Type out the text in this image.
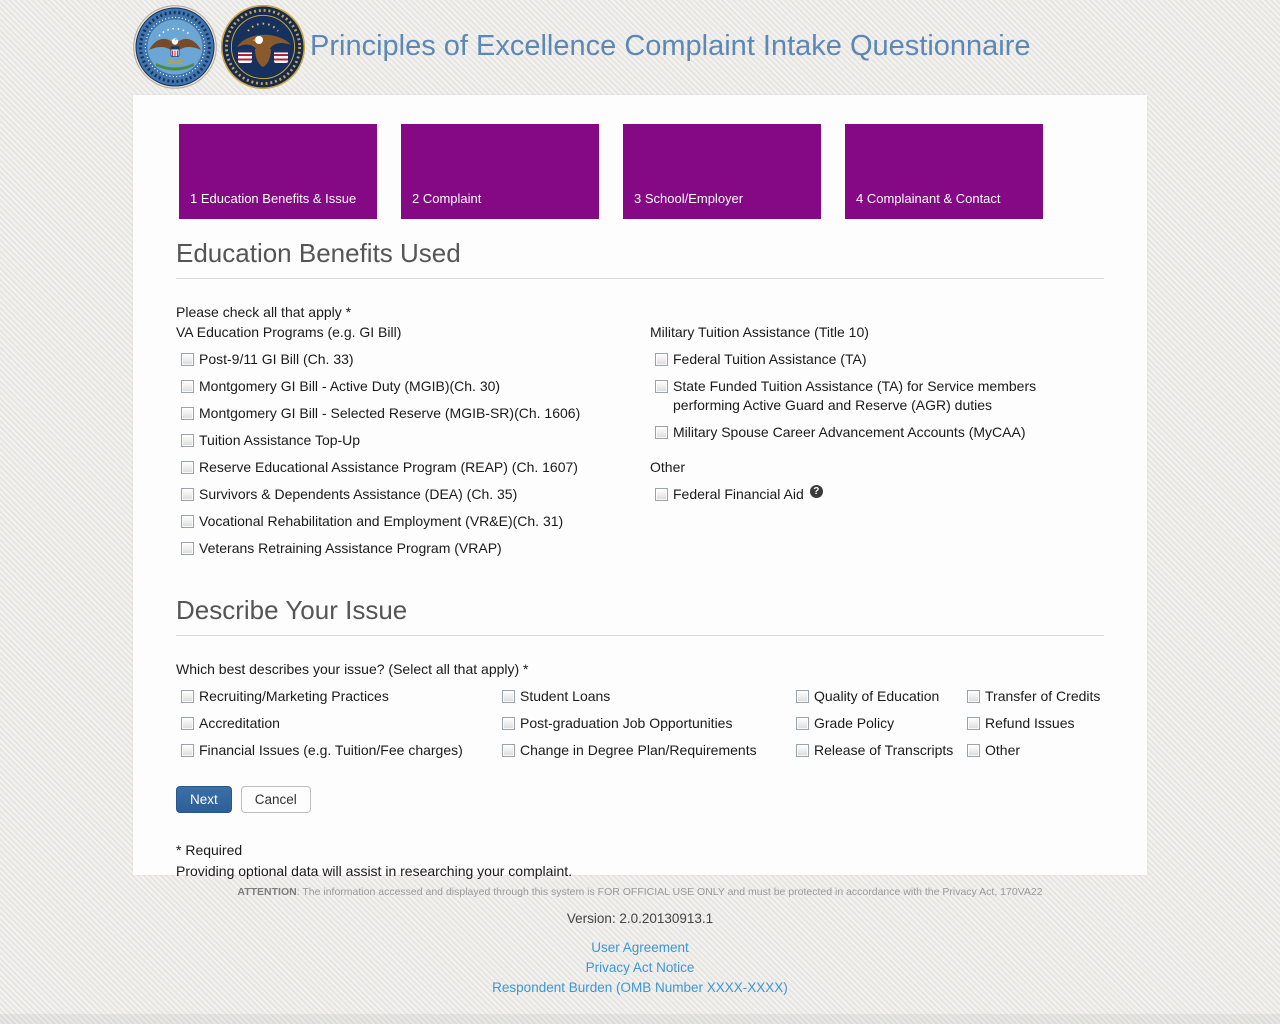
Principles of Excellence Complaint Intake Questionnaire
1 Education Benefits & Issue	2 Complaint	3 School/Employer	4 Complainant & Contact
Education Benefits Used

Please check all that apply *

VA Education Programs (e.g. GI Bill)
Post-9/11 GI Bill (Ch. 33)
Montgomery GI Bill - Active Duty (MGIB)(Ch. 30)
Montgomery GI Bill - Selected Reserve (MGIB-SR)(Ch. 1606)
Tuition Assistance Top-Up
Reserve Educational Assistance Program (REAP) (Ch. 1607)
Survivors & Dependents Assistance (DEA) (Ch. 35)
Vocational Rehabilitation and Employment (VR&E)(Ch. 31)
Veterans Retraining Assistance Program (VRAP)
Military Tuition Assistance (Title 10)
Federal Tuition Assistance (TA)
State Funded Tuition Assistance (TA) for Service members performing Active Guard and Reserve (AGR) duties
Military Spouse Career Advancement Accounts (MyCAA)
Other
Federal Financial Aid ?
Describe Your Issue

Which best describes your issue? (Select all that apply) *

Recruiting/Marketing Practices
Accreditation
Financial Issues (e.g. Tuition/Fee charges)
Student Loans
Post-graduation Job Opportunities
Change in Degree Plan/Requirements
Quality of Education
Grade Policy
Release of Transcripts
Transfer of Credits
Refund Issues
Other
Next	Cancel

* Required

Providing optional data will assist in researching your complaint.

ATTENTION: The information accessed and displayed through this system is FOR OFFICIAL USE ONLY and must be protected in accordance with the Privacy Act, 170VA22

Version: 2.0.20130913.1

User Agreement
Privacy Act Notice
Respondent Burden (OMB Number XXXX-XXXX)
